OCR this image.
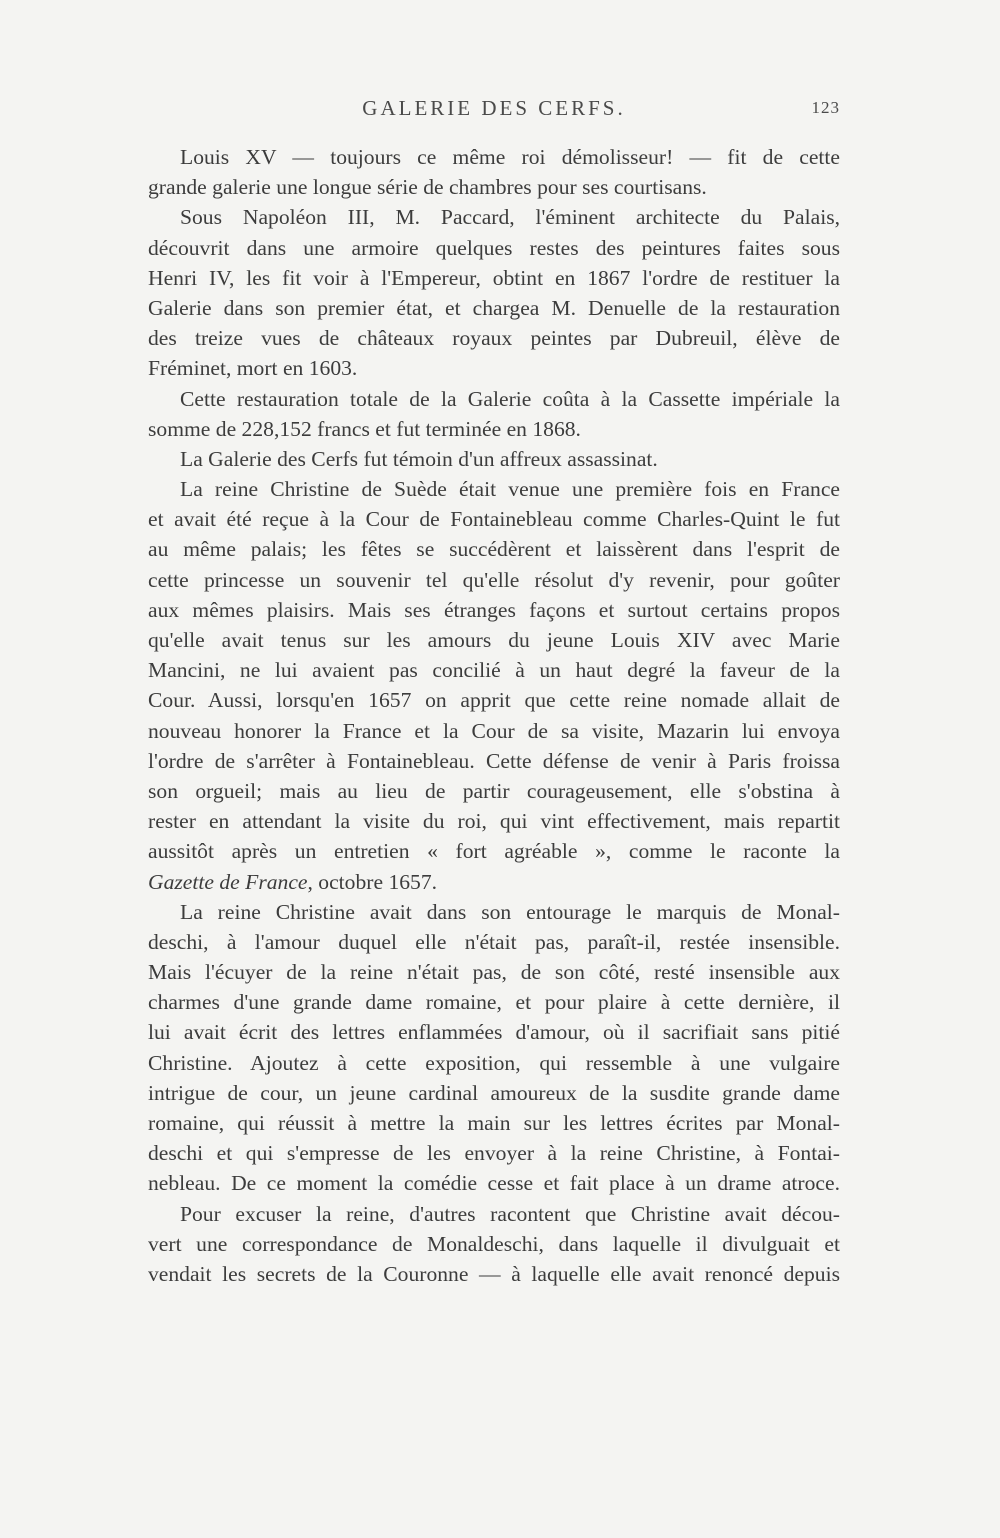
GALERIE DES CERFS.	123
Louis XV — toujours ce même roi démolisseur! — fit de cette
grande galerie une longue série de chambres pour ses courtisans.
Sous Napoléon III, M. Paccard, l'éminent architecte du Palais,
découvrit dans une armoire quelques restes des peintures faites sous
Henri IV, les fit voir à l'Empereur, obtint en 1867 l'ordre de restituer la
Galerie dans son premier état, et chargea M. Denuelle de la restauration
des treize vues de châteaux royaux peintes par Dubreuil, élève de
Fréminet, mort en 1603.
Cette restauration totale de la Galerie coûta à la Cassette impériale la
somme de 228,152 francs et fut terminée en 1868.
La Galerie des Cerfs fut témoin d'un affreux assassinat.
La reine Christine de Suède était venue une première fois en France
et avait été reçue à la Cour de Fontainebleau comme Charles-Quint le fut
au même palais; les fêtes se succédèrent et laissèrent dans l'esprit de
cette princesse un souvenir tel qu'elle résolut d'y revenir, pour goûter
aux mêmes plaisirs. Mais ses étranges façons et surtout certains propos
qu'elle avait tenus sur les amours du jeune Louis XIV avec Marie
Mancini, ne lui avaient pas concilié à un haut degré la faveur de la
Cour. Aussi, lorsqu'en 1657 on apprit que cette reine nomade allait de
nouveau honorer la France et la Cour de sa visite, Mazarin lui envoya
l'ordre de s'arrêter à Fontainebleau. Cette défense de venir à Paris froissa
son orgueil; mais au lieu de partir courageusement, elle s'obstina à
rester en attendant la visite du roi, qui vint effectivement, mais repartit
aussitôt après un entretien « fort agréable », comme le raconte la
Gazette de France, octobre 1657.
La reine Christine avait dans son entourage le marquis de Monal-
deschi, à l'amour duquel elle n'était pas, paraît-il, restée insensible.
Mais l'écuyer de la reine n'était pas, de son côté, resté insensible aux
charmes d'une grande dame romaine, et pour plaire à cette dernière, il
lui avait écrit des lettres enflammées d'amour, où il sacrifiait sans pitié
Christine. Ajoutez à cette exposition, qui ressemble à une vulgaire
intrigue de cour, un jeune cardinal amoureux de la susdite grande dame
romaine, qui réussit à mettre la main sur les lettres écrites par Monal-
deschi et qui s'empresse de les envoyer à la reine Christine, à Fontai-
nebleau. De ce moment la comédie cesse et fait place à un drame atroce.
Pour excuser la reine, d'autres racontent que Christine avait décou-
vert une correspondance de Monaldeschi, dans laquelle il divulguait et
vendait les secrets de la Couronne — à laquelle elle avait renoncé depuis
